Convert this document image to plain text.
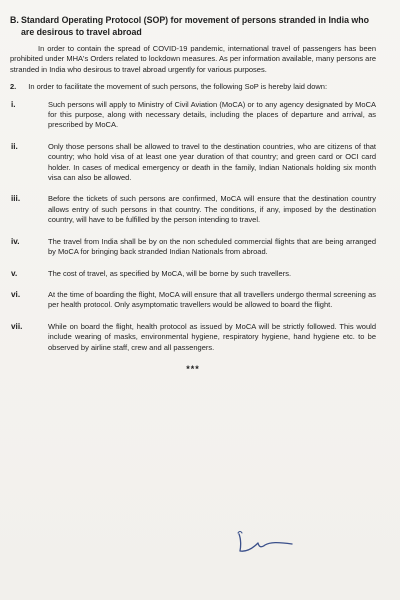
B. Standard Operating Protocol (SOP) for movement of persons stranded in India who are desirous to travel abroad

In order to contain the spread of COVID-19 pandemic, international travel of passengers has been prohibited under MHA's Orders related to lockdown measures. As per information available, many persons are stranded in India who desirous to travel abroad urgently for various purposes.

2. In order to facilitate the movement of such persons, the following SoP is hereby laid down:

i.	Such persons will apply to Ministry of Civil Aviation (MoCA) or to any agency designated by MoCA for this purpose, along with necessary details, including the places of departure and arrival, as prescribed by MoCA.
ii.	Only those persons shall be allowed to travel to the destination countries, who are citizens of that country; who hold visa of at least one year duration of that country; and green card or OCI card holder. In cases of medical emergency or death in the family, Indian Nationals holding six month visa can also be allowed.
iii.	Before the tickets of such persons are confirmed, MoCA will ensure that the destination country allows entry of such persons in that country. The conditions, if any, imposed by the destination country, will have to be fulfilled by the person intending to travel.
iv.	The travel from India shall be by on the non scheduled commercial flights that are being arranged by MoCA for bringing back stranded Indian Nationals from abroad.
v.	The cost of travel, as specified by MoCA, will be borne by such travellers.
vi.	At the time of boarding the flight, MoCA will ensure that all travellers undergo thermal screening as per health protocol. Only asymptomatic travellers would be allowed to board the flight.
vii.	While on board the flight, health protocol as issued by MoCA will be strictly followed. This would include wearing of masks, environmental hygiene, respiratory hygiene, hand hygiene etc. to be observed by airline staff, crew and all passengers.
***
